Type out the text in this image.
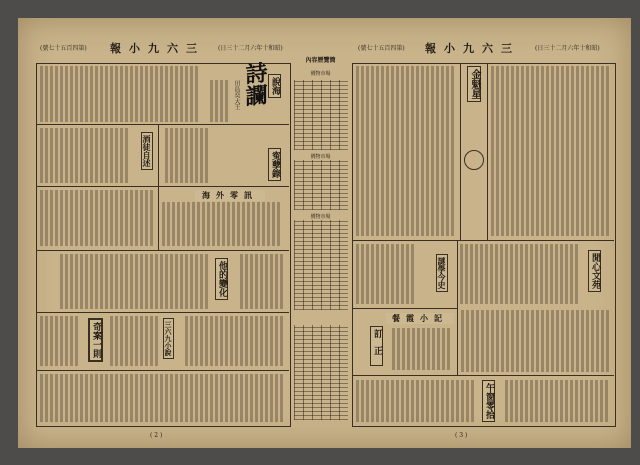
(號七十五百四第) 報小九六三 (日三十二月六年十和昭)	(號七十五百四第) 報小九六三	(日三十二月六年十和昭)
詩讕
田島奕大王	說海
寃孽錄
海外零訊
酒徒自述
他的變化
奇案一則	三六九小說
內容歷覽簡
價物市場
價物市場
價物市場
金魁星
閒心文苑
謎學今史
餐霞小記
訂正
午窗零拾
( 2 )	( 3 )
